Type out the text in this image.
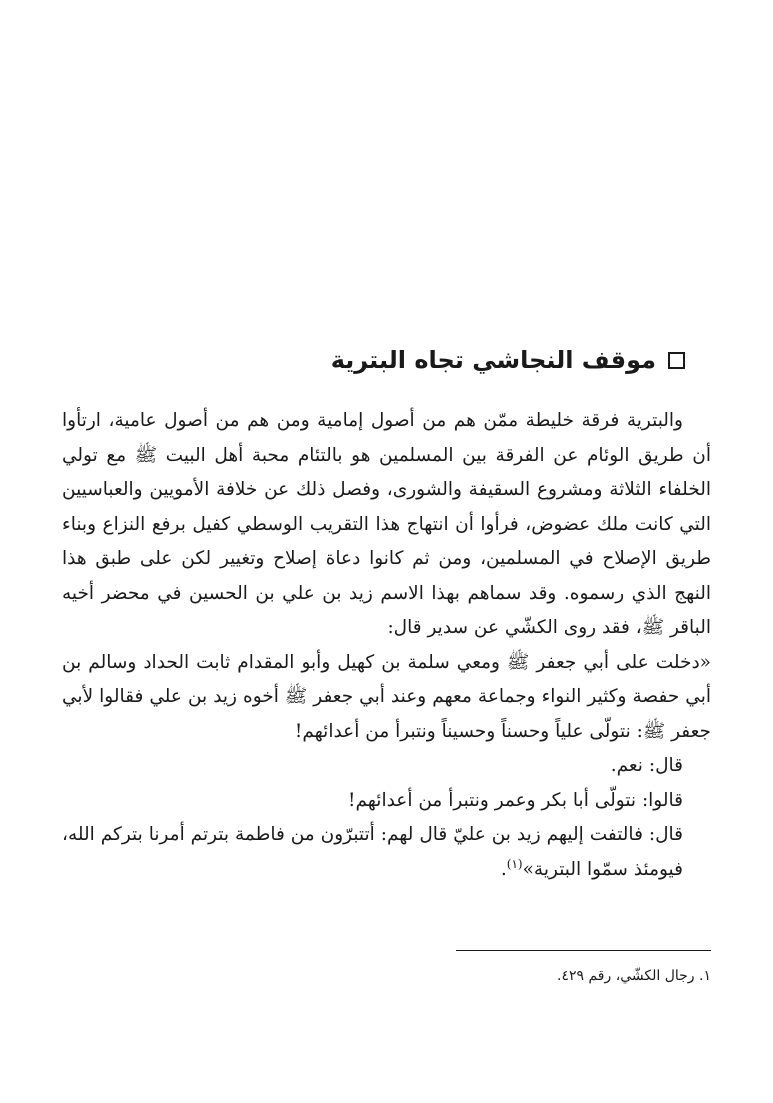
موقف النجاشي تجاه البترية

والبترية فرقة خليطة ممّن هم من أصول إمامية ومن هم من أصول عامية، ارتأوا أن طريق الوئام عن الفرقة بين المسلمين هو بالتئام محبة أهل البيت ﷺ مع تولي الخلفاء الثلاثة ومشروع السقيفة والشورى، وفصل ذلك عن خلافة الأمويين والعباسيين التي كانت ملك عضوض، فرأوا أن انتهاج هذا التقريب الوسطي كفيل برفع النزاع وبناء طريق الإصلاح في المسلمين، ومن ثم كانوا دعاة إصلاح وتغيير لكن على طبق هذا النهج الذي رسموه. وقد سماهم بهذا الاسم زيد بن علي بن الحسين في محضر أخيه الباقر ﷺ، فقد روى الكشّي عن سدير قال:

«دخلت على أبي جعفر ﷺ ومعي سلمة بن كهيل وأبو المقدام ثابت الحداد وسالم بن أبي حفصة وكثير النواء وجماعة معهم وعند أبي جعفر ﷺ أخوه زيد بن علي فقالوا لأبي جعفر ﷺ: نتولّى علياً وحسناً وحسيناً ونتبرأ من أعدائهم!

قال: نعم.

قالوا: نتولّى أبا بكر وعمر ونتبرأ من أعدائهم!

قال: فالتفت إليهم زيد بن عليّ قال لهم: أتتبرّون من فاطمة بترتم أمرنا بتركم الله، فيومئذ سمّوا البترية»$^{(١)}$.

١. رجال الكشّي، رقم ٤٢٩.
